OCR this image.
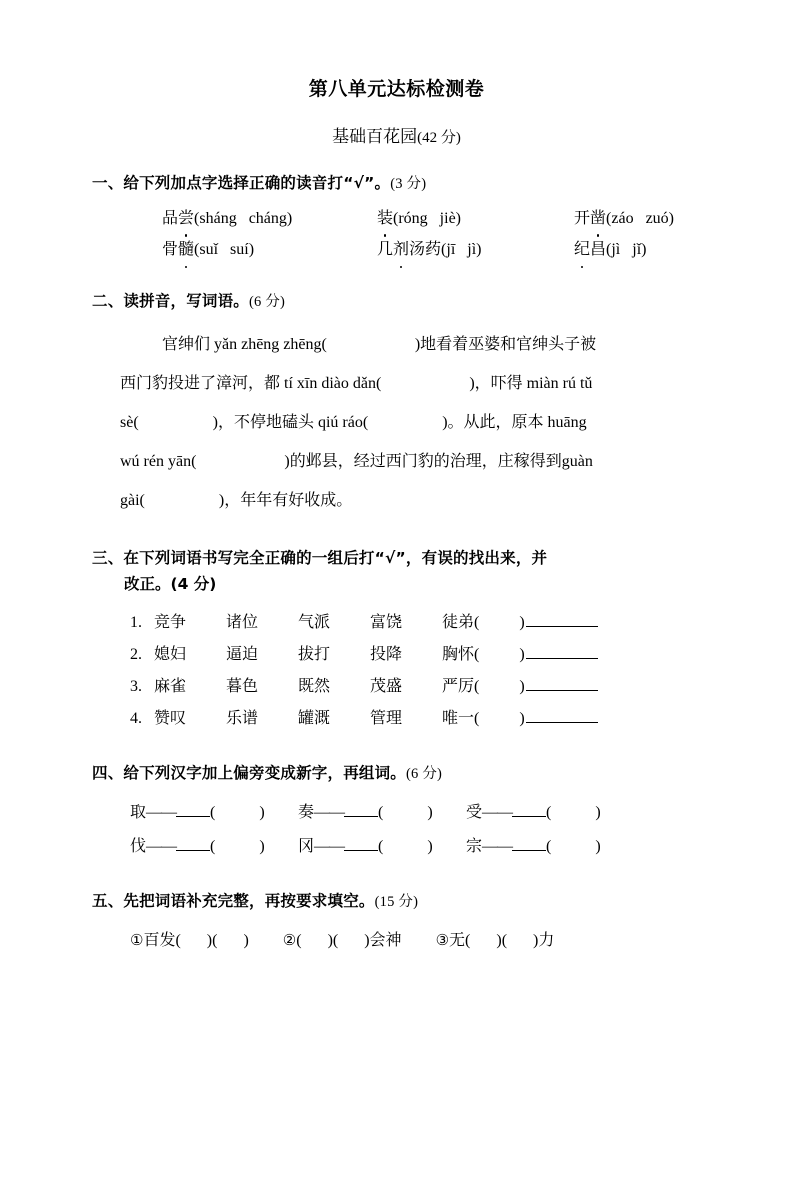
第八单元达标检测卷
基础百花园(42 分)
一、给下列加点字选择正确的读音打“√”。(3 分)
品尝(sháng   cháng)	装(róng   jiè)	开凿(záo   zuó)
骨髓(suǐ   suí)	几剂汤药(jī   jì)	纪昌(jì   jǐ)
二、读拼音，写词语。(6 分)
官绅们 yǎn zhēng zhēng(	)地看着巫婆和官绅头子被
西门豹投进了漳河，都 tí xīn diào dǎn(	)，吓得 miàn rú tǔ
sè(	)，不停地磕头 qiú ráo(	)。从此，原本 huāng
wú rén yān(	)的邺县，经过西门豹的治理，庄稼得到guàn
gài(	)，年年有好收成。
三、在下列词语书写完全正确的一组后打“√”，有误的找出来，并
改正。(4 分)
1. 竞争	诸位	气派	富饶	徒弟 (	)
2. 媳妇	逼迫	拔打	投降	胸怀 (	)
3. 麻雀	暮色	既然	茂盛	严厉 (	)
4. 赞叹	乐谱	罐溉	管理	唯一 (	)
四、给下列汉字加上偏旁变成新字，再组词。(6 分)
取—— (	)	奏—— (	)	受—— (	)
伐—— (	)	冈—— (	)	宗—— (	)
五、先把词语补充完整，再按要求填空。(15 分)
①百发( )( ) ②( )( )会神 ③无( )( )力
